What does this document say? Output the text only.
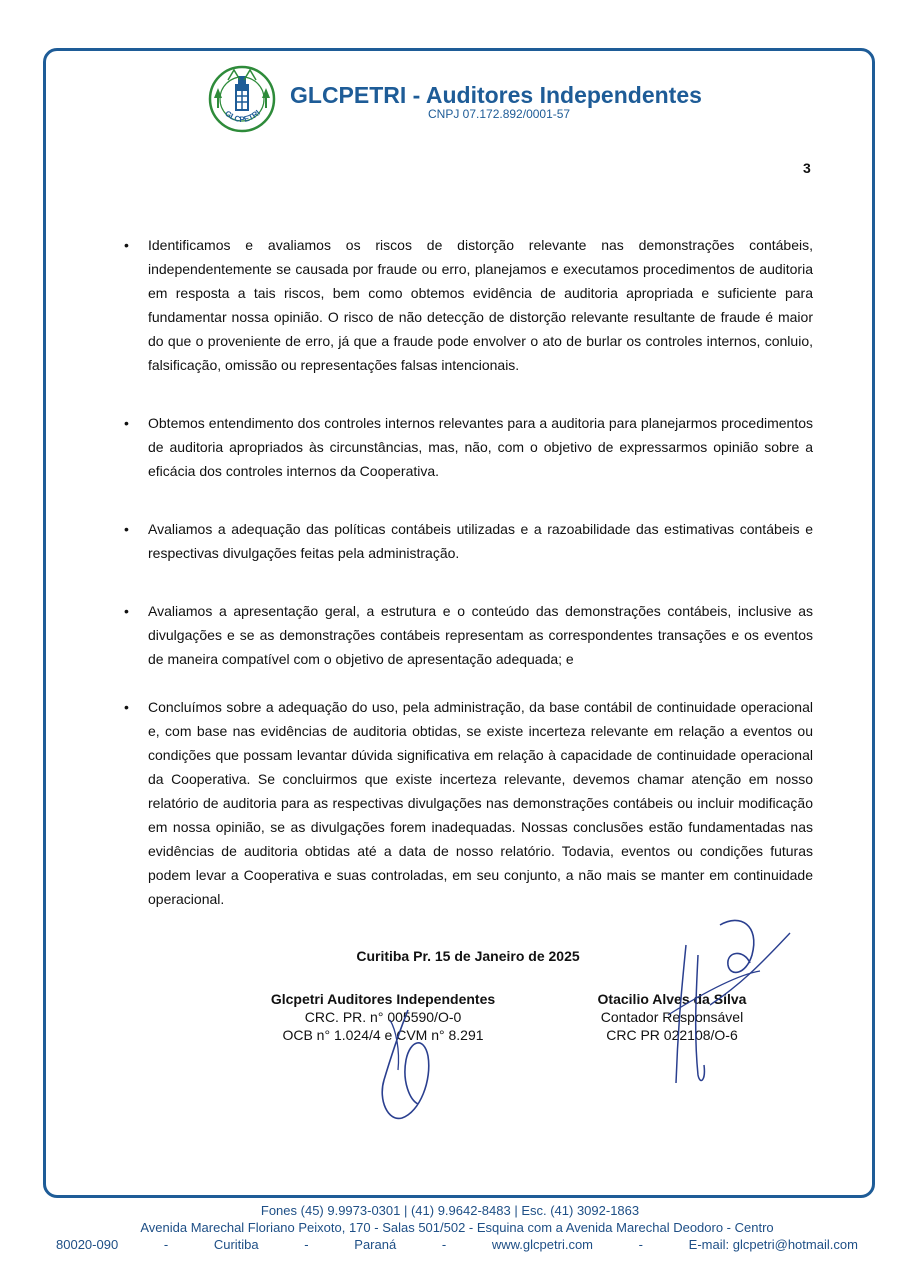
GLCPETRI
GLCPETRI - Auditores Independentes
CNPJ 07.172.892/0001-57
3
• Identificamos e avaliamos os riscos de distorção relevante nas demonstrações contábeis, independentemente se causada por fraude ou erro, planejamos e executamos procedimentos de auditoria em resposta a tais riscos, bem como obtemos evidência de auditoria apropriada e suficiente para fundamentar nossa opinião. O risco de não detecção de distorção relevante resultante de fraude é maior do que o proveniente de erro, já que a fraude pode envolver o ato de burlar os controles internos, conluio, falsificação, omissão ou representações falsas intencionais.
• Obtemos entendimento dos controles internos relevantes para a auditoria para planejarmos procedimentos de auditoria apropriados às circunstâncias, mas, não, com o objetivo de expressarmos opinião sobre a eficácia dos controles internos da Cooperativa.
• Avaliamos a adequação das políticas contábeis utilizadas e a razoabilidade das estimativas contábeis e respectivas divulgações feitas pela administração.
• Avaliamos a apresentação geral, a estrutura e o conteúdo das demonstrações contábeis, inclusive as divulgações e se as demonstrações contábeis representam as correspondentes transações e os eventos de maneira compatível com o objetivo de apresentação adequada; e
• Concluímos sobre a adequação do uso, pela administração, da base contábil de continuidade operacional e, com base nas evidências de auditoria obtidas, se existe incerteza relevante em relação a eventos ou condições que possam levantar dúvida significativa em relação à capacidade de continuidade operacional da Cooperativa. Se concluirmos que existe incerteza relevante, devemos chamar atenção em nosso relatório de auditoria para as respectivas divulgações nas demonstrações contábeis ou incluir modificação em nossa opinião, se as divulgações forem inadequadas. Nossas conclusões estão fundamentadas nas evidências de auditoria obtidas até a data de nosso relatório. Todavia, eventos ou condições futuras podem levar a Cooperativa e suas controladas, em seu conjunto, a não mais se manter em continuidade operacional.
Curitiba Pr. 15 de Janeiro de 2025
Glcpetri Auditores Independentes
CRC. PR. n° 005590/O-0
OCB n° 1.024/4 e CVM n° 8.291
Otacilio Alves da Silva
Contador Responsável
CRC PR 022108/O-6
Fones (45) 9.9973-0301 | (41) 9.9642-8483 | Esc. (41) 3092-1863
Avenida Marechal Floriano Peixoto, 170 - Salas 501/502 - Esquina com a Avenida Marechal Deodoro - Centro
80020-090	-	Curitiba	-	Paraná	-	www.glcpetri.com	-	E-mail: glcpetri@hotmail.com
